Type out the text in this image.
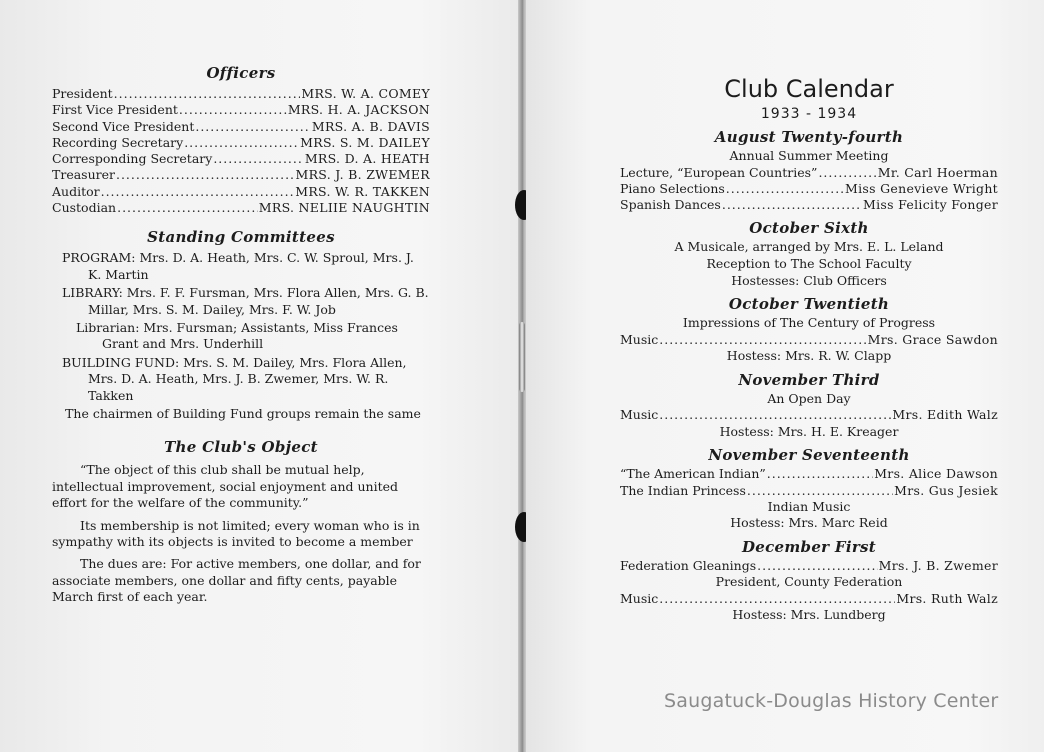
Officers
President .....	MRS. W. A. COMEY
First Vice President .....	MRS. H. A. JACKSON
Second Vice President .....	MRS. A. B. DAVIS
Recording Secretary .....	MRS. S. M. DAILEY
Corresponding Secretary .....	MRS. D. A. HEATH
Treasurer .....	MRS. J. B. ZWEMER
Auditor .....	MRS. W. R. TAKKEN
Custodian .....	MRS. NELIIE NAUGHTIN
Standing Committees

PROGRAM: Mrs. D. A. Heath, Mrs. C. W. Sproul, Mrs. J. K. Martin

LIBRARY: Mrs. F. F. Fursman, Mrs. Flora Allen, Mrs. G. B. Millar, Mrs. S. M. Dailey, Mrs. F. W. Job

Librarian: Mrs. Fursman; Assistants, Miss Frances Grant and Mrs. Underhill

BUILDING FUND: Mrs. S. M. Dailey, Mrs. Flora Allen, Mrs. D. A. Heath, Mrs. J. B. Zwemer, Mrs. W. R. Takken

The chairmen of Building Fund groups remain the same

The Club's Object

“The object of this club shall be mutual help, intellectual improvement, social enjoyment and united effort for the welfare of the community.”

Its membership is not limited; every woman who is in sympathy with its objects is invited to become a member

The dues are: For active members, one dollar, and for associate members, one dollar and fifty cents, payable March first of each year.

Club Calendar
1933 - 1934
August Twenty-fourth
Annual Summer Meeting
Lecture, “European Countries” .....	Mr. Carl Hoerman
Piano Selections .....	Miss Genevieve Wright
Spanish Dances .....	Miss Felicity Fonger
October Sixth
A Musicale, arranged by Mrs. E. L. Leland
Reception to The School Faculty
Hostesses: Club Officers
October Twentieth
Impressions of The Century of Progress
Music .....	Mrs. Grace Sawdon
Hostess: Mrs. R. W. Clapp
November Third
An Open Day
Music .....	Mrs. Edith Walz
Hostess: Mrs. H. E. Kreager
November Seventeenth
“The American Indian” .....	Mrs. Alice Dawson
The Indian Princess .....	Mrs. Gus Jesiek
Indian Music
Hostess: Mrs. Marc Reid
December First
Federation Gleanings .....	Mrs. J. B. Zwemer
President, County Federation
Music .....	Mrs. Ruth Walz
Hostess: Mrs. Lundberg
Saugatuck-Douglas History Center
